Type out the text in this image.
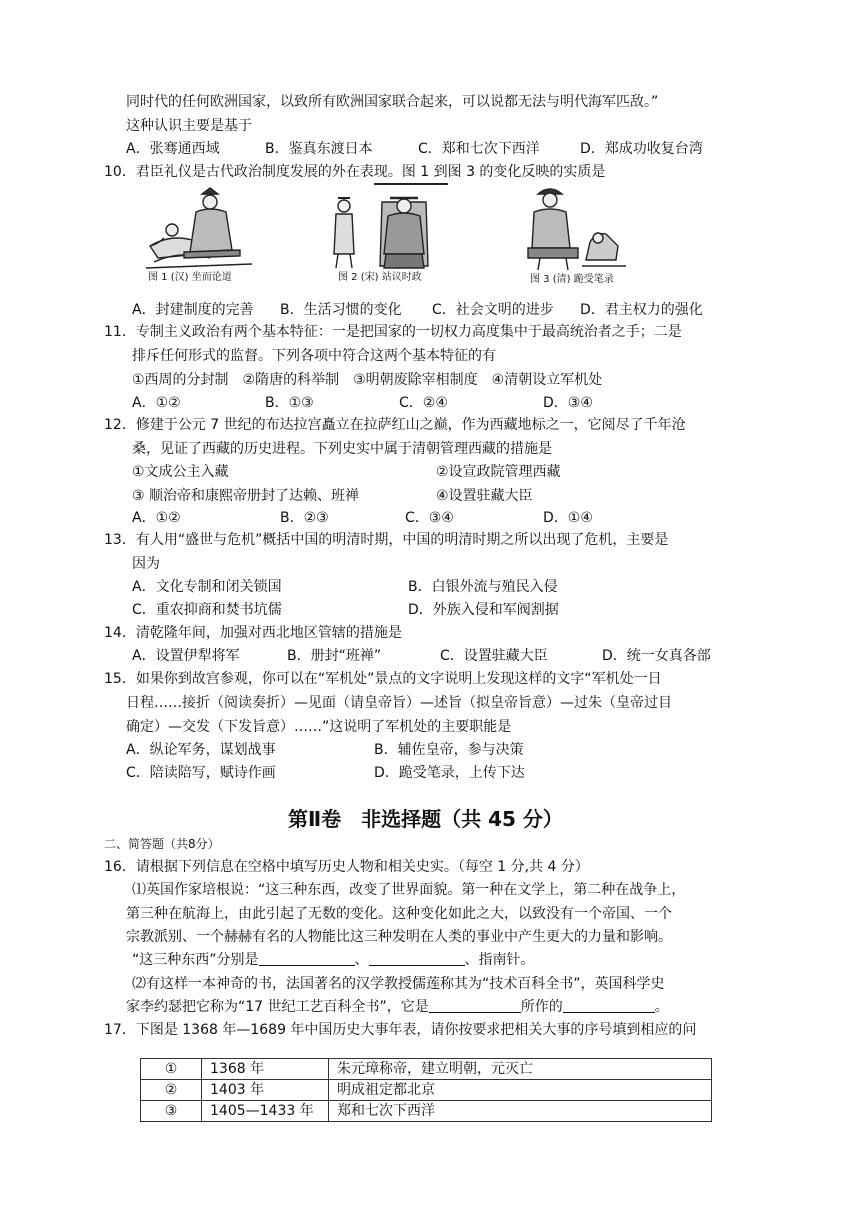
同时代的任何欧洲国家，以致所有欧洲国家联合起来，可以说都无法与明代海军匹敌。”
这种认识主要是基于
A．张骞通西域	B．鉴真东渡日本	C．郑和七次下西洋	D．郑成功收复台湾
10．君臣礼仪是古代政治制度发展的外在表现。图 1 到图 3 的变化反映的实质是
图 1 (汉) 坐而论道	图 2 (宋) 站议时政	图 3 (清) 跪受笔录
A．封建制度的完善 B．生活习惯的变化 C．社会文明的进步 D．君主权力的强化
11．专制主义政治有两个基本特征：一是把国家的一切权力高度集中于最高统治者之手；二是
排斥任何形式的监督。下列各项中符合这两个基本特征的有
①西周的分封制　②隋唐的科举制　③明朝废除宰相制度　④清朝设立军机处
A．①②	B．①③	C．②④	D．③④
12．修建于公元 7 世纪的布达拉宫矗立在拉萨红山之巅，作为西藏地标之一，它阅尽了千年沧
桑，见证了西藏的历史进程。下列史实中属于清朝管理西藏的措施是
①文成公主入藏	②设宣政院管理西藏
③ 顺治帝和康熙帝册封了达赖、班禅	④设置驻藏大臣
A．①②	B．②③	C．③④	D．①④
13．有人用“盛世与危机”概括中国的明清时期，中国的明清时期之所以出现了危机，主要是
因为
A．文化专制和闭关锁国	B．白银外流与殖民入侵
C．重农抑商和焚书坑儒	D．外族入侵和军阀割据
14．清乾隆年间，加强对西北地区管辖的措施是
A．设置伊犁将军	B．册封“班禅”	C．设置驻藏大臣	D．统一女真各部
15．如果你到故宫参观，你可以在“军机处”景点的文字说明上发现这样的文字“军机处一日
日程……接折（阅读奏折）—见面（请皇帝旨）—述旨（拟皇帝旨意）—过朱（皇帝过目
确定）—交发（下发旨意）……”这说明了军机处的主要职能是
A．纵论军务，谋划战事	B．辅佐皇帝，参与决策
C．陪读陪写，赋诗作画	D．跪受笔录，上传下达
第Ⅱ卷　非选择题（共 45 分）
二、简答题（共8分）
16．请根据下列信息在空格中填写历史人物和相关史实。（每空 1 分,共 4 分）
⑴英国作家培根说：“这三种东西，改变了世界面貌。第一种在文学上，第二种在战争上，
第三种在航海上，由此引起了无数的变化。这种变化如此之大，以致没有一个帝国、一个
宗教派别、一个赫赫有名的人物能比这三种发明在人类的事业中产生更大的力量和影响。
“这三种东西”分别是	、	、指南针。
⑵有这样一本神奇的书，法国著名的汉学教授儒莲称其为“技术百科全书”，英国科学史
家李约瑟把它称为“17 世纪工艺百科全书”，它是	所作的	。
17．下图是 1368 年—1689 年中国历史大事年表，请你按要求把相关大事的序号填到相应的问
①	1368 年	朱元璋称帝，建立明朝，元灭亡
②	1403 年	明成祖定都北京
③	1405—1433 年	郑和七次下西洋
